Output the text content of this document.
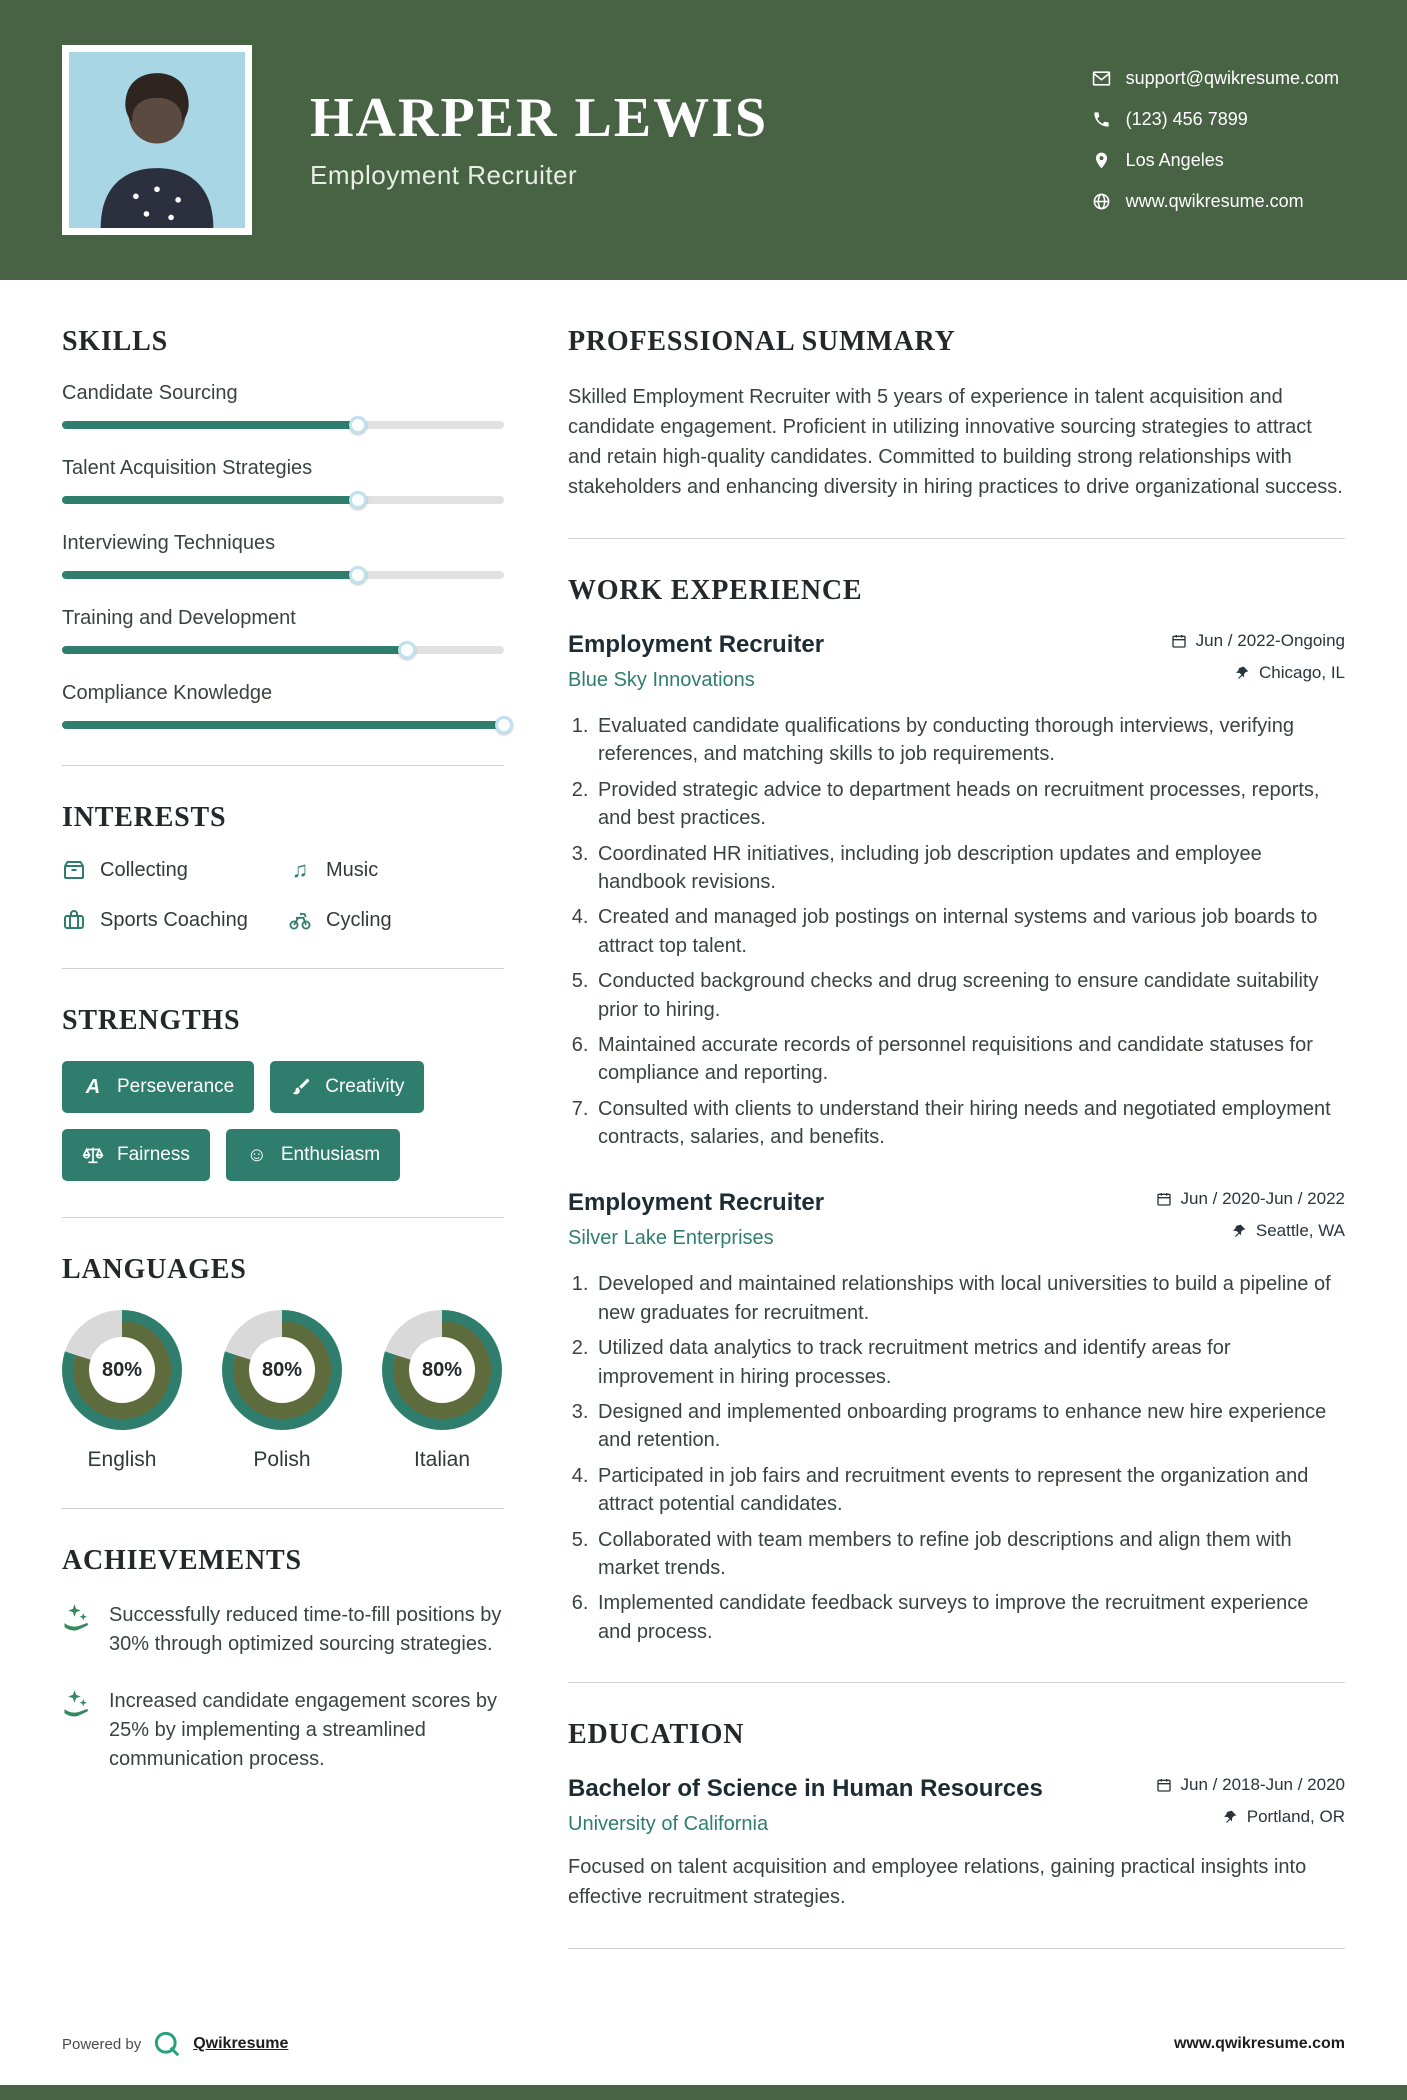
HARPER LEWIS
Employment Recruiter
support@qwikresume.com
(123) 456 7899
Los Angeles
www.qwikresume.com
SKILLS
Candidate Sourcing
Talent Acquisition Strategies
Interviewing Techniques
Training and Development
Compliance Knowledge
INTERESTS
Collecting	♫ Music
Sports Coaching	Cycling
STRENGTHS
A Perseverance	Creativity
Fairness	☺ Enthusiasm
LANGUAGES
80%
English
80%
Polish
80%
Italian
ACHIEVEMENTS
Successfully reduced time-to-fill positions by 30% through optimized sourcing strategies.
Increased candidate engagement scores by 25% by implementing a streamlined communication process.
PROFESSIONAL SUMMARY

Skilled Employment Recruiter with 5 years of experience in talent acquisition and candidate engagement. Proficient in utilizing innovative sourcing strategies to attract and retain high-quality candidates. Committed to building strong relationships with stakeholders and enhancing diversity in hiring practices to drive organizational success.

WORK EXPERIENCE
Employment Recruiter
Blue Sky Innovations
Jun / 2022-Ongoing
Chicago, IL
1. Evaluated candidate qualifications by conducting thorough interviews, verifying references, and matching skills to job requirements.
2. Provided strategic advice to department heads on recruitment processes, reports, and best practices.
3. Coordinated HR initiatives, including job description updates and employee handbook revisions.
4. Created and managed job postings on internal systems and various job boards to attract top talent.
5. Conducted background checks and drug screening to ensure candidate suitability prior to hiring.
6. Maintained accurate records of personnel requisitions and candidate statuses for compliance and reporting.
7. Consulted with clients to understand their hiring needs and negotiated employment contracts, salaries, and benefits.
Employment Recruiter
Silver Lake Enterprises
Jun / 2020-Jun / 2022
Seattle, WA
1. Developed and maintained relationships with local universities to build a pipeline of new graduates for recruitment.
2. Utilized data analytics to track recruitment metrics and identify areas for improvement in hiring processes.
3. Designed and implemented onboarding programs to enhance new hire experience and retention.
4. Participated in job fairs and recruitment events to represent the organization and attract potential candidates.
5. Collaborated with team members to refine job descriptions and align them with market trends.
6. Implemented candidate feedback surveys to improve the recruitment experience and process.
EDUCATION
Bachelor of Science in Human Resources
University of California
Jun / 2018-Jun / 2020
Portland, OR

Focused on talent acquisition and employee relations, gaining practical insights into effective recruitment strategies.

Powered by	Qwikresume	www.qwikresume.com
